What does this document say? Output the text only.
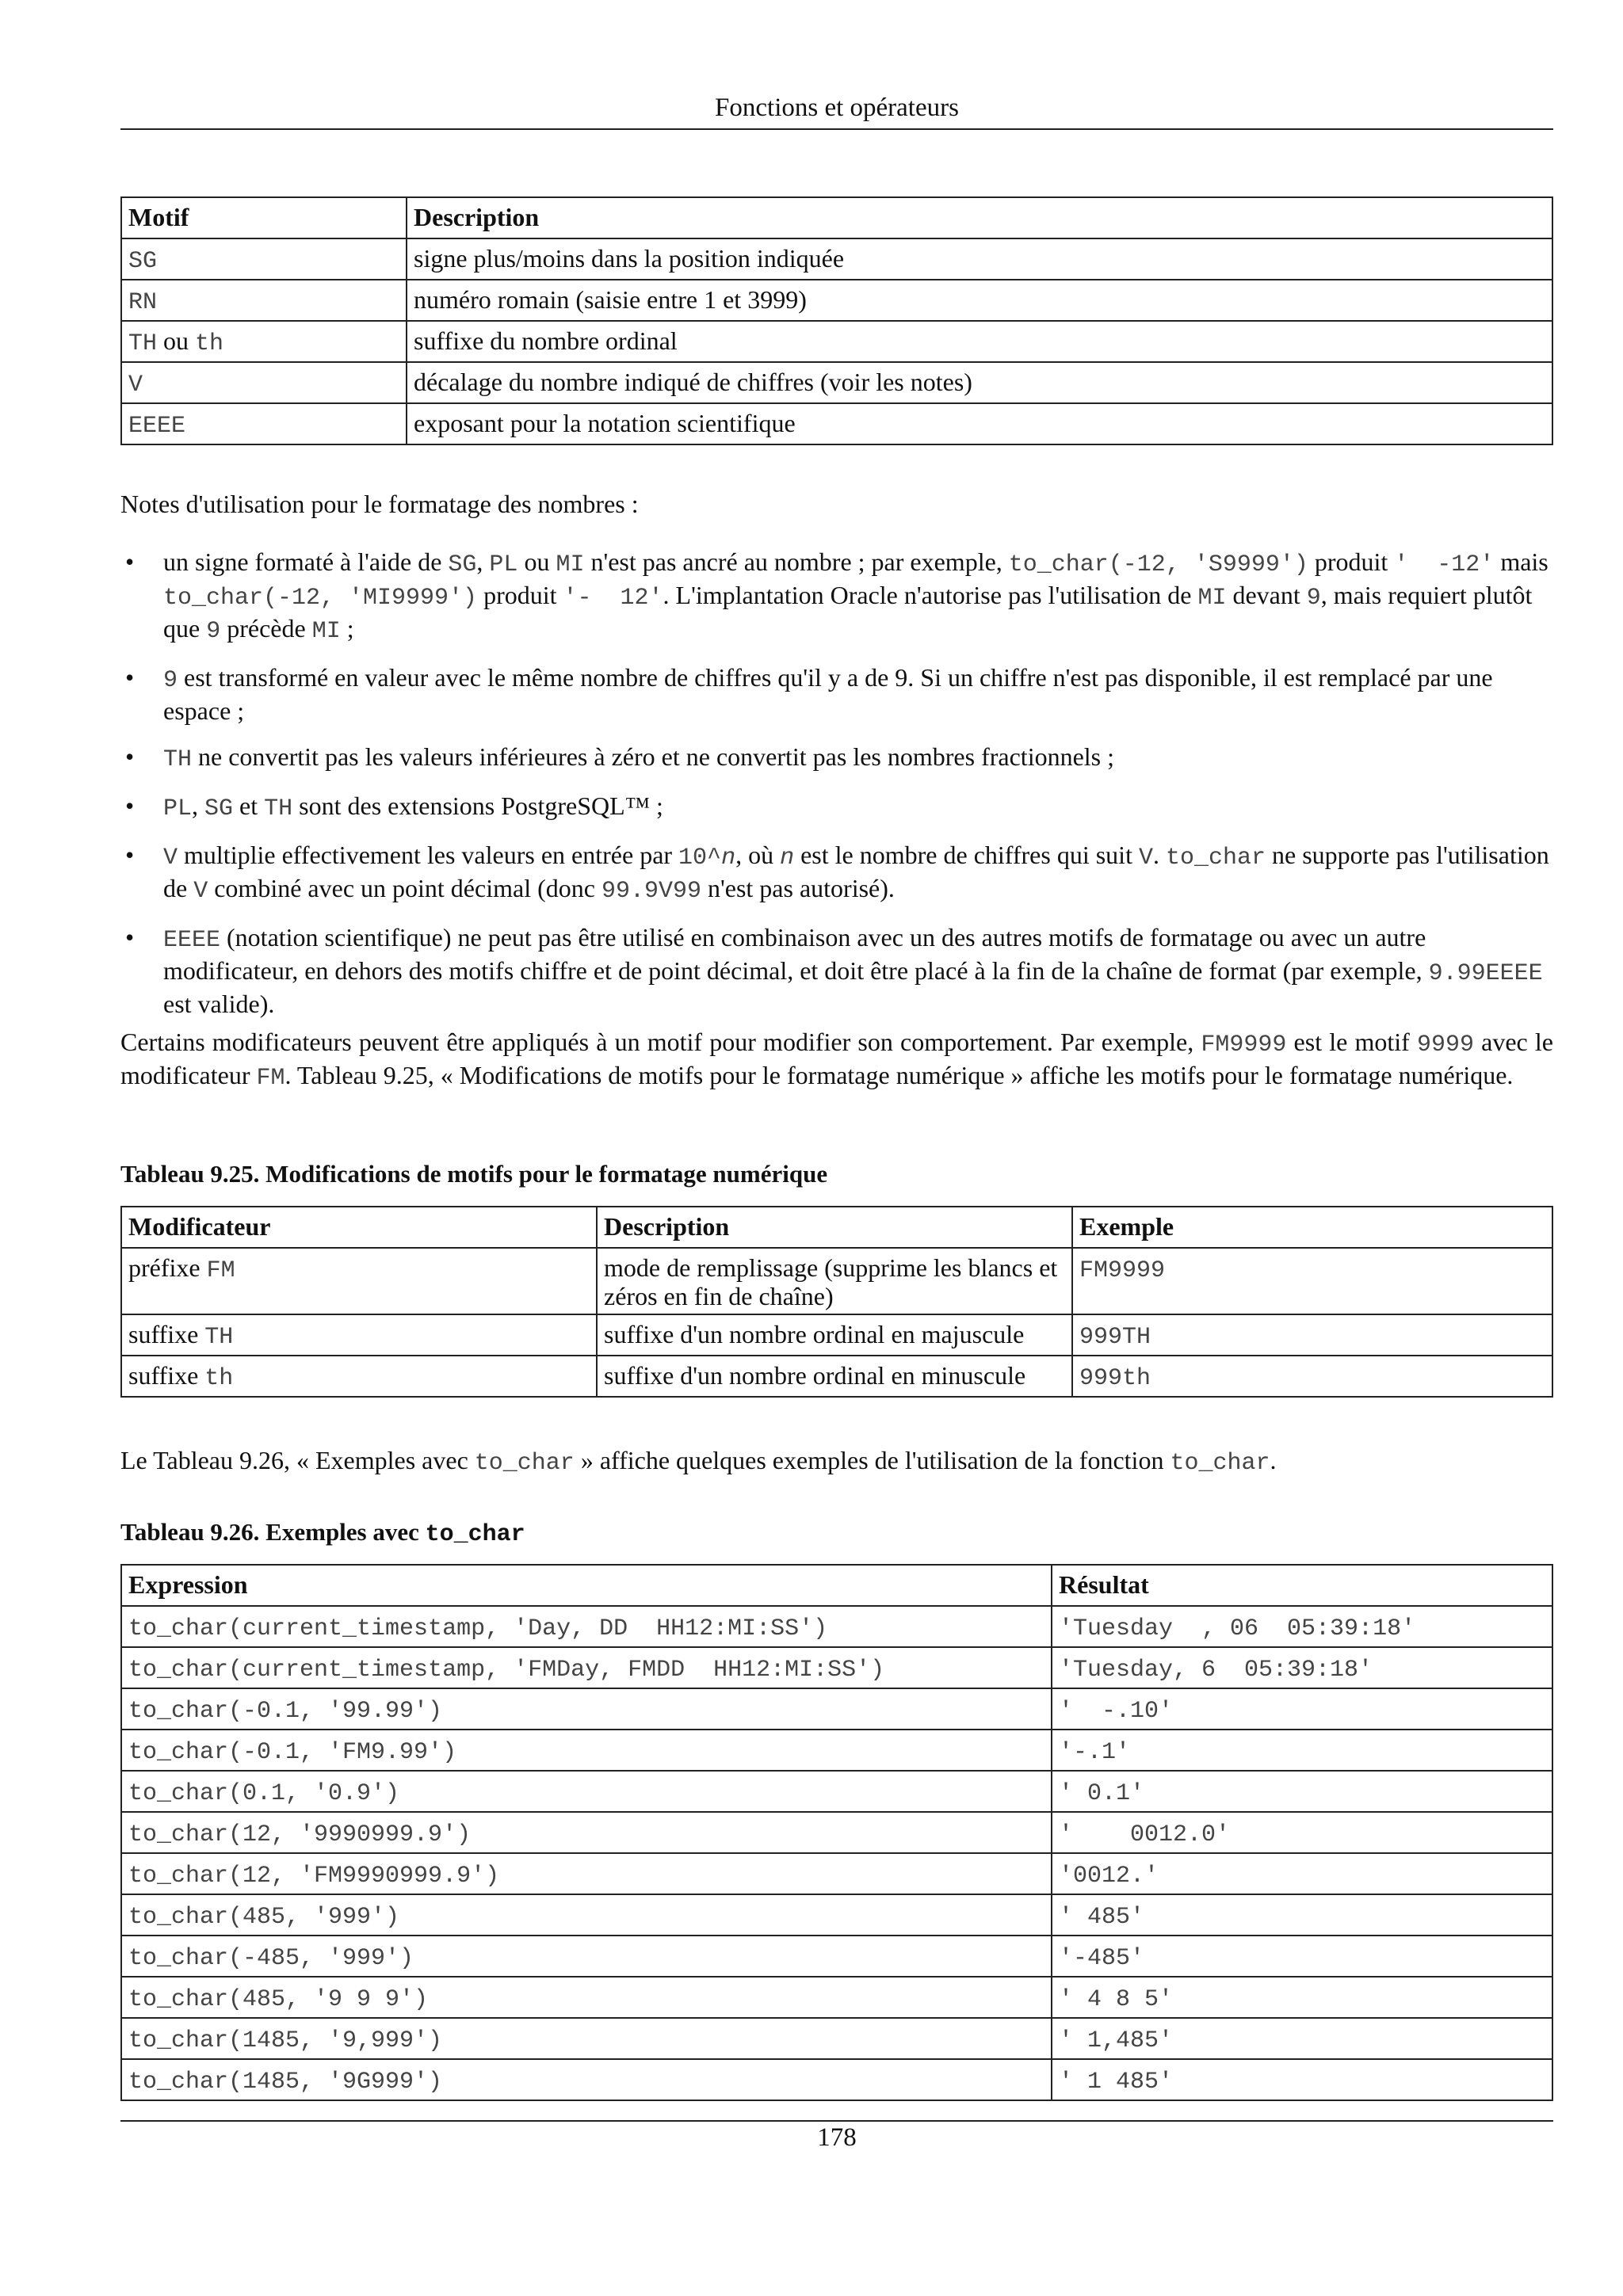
Fonctions et opérateurs
Motif	Description
SG	signe plus/moins dans la position indiquée
RN	numéro romain (saisie entre 1 et 3999)
TH ou th	suffixe du nombre ordinal
V	décalage du nombre indiqué de chiffres (voir les notes)
EEEE	exposant pour la notation scientifique
Notes d'utilisation pour le formatage des nombres :
• un signe formaté à l'aide de SG, PL ou MI n'est pas ancré au nombre ; par exemple, to_char(-12, 'S9999') produit '  -12' mais to_char(-12, 'MI9999') produit '-  12'. L'implantation Oracle n'autorise pas l'utilisation de MI devant 9, mais requiert plutôt que 9 précède MI ;
• 9 est transformé en valeur avec le même nombre de chiffres qu'il y a de 9. Si un chiffre n'est pas disponible, il est remplacé par une espace ;
• TH ne convertit pas les valeurs inférieures à zéro et ne convertit pas les nombres fractionnels ;
• PL, SG et TH sont des extensions PostgreSQL™ ;
• V multiplie effectivement les valeurs en entrée par 10^n, où n est le nombre de chiffres qui suit V. to_char ne supporte pas l'utilisation de V combiné avec un point décimal (donc 99.9V99 n'est pas autorisé).
• EEEE (notation scientifique) ne peut pas être utilisé en combinaison avec un des autres motifs de formatage ou avec un autre modificateur, en dehors des motifs chiffre et de point décimal, et doit être placé à la fin de la chaîne de format (par exemple, 9.99EEEE est valide).
Certains modificateurs peuvent être appliqués à un motif pour modifier son comportement. Par exemple, FM9999 est le motif 9999 avec le modificateur FM. Tableau 9.25, « Modifications de motifs pour le formatage numérique » affiche les motifs pour le formatage numérique.
Tableau 9.25. Modifications de motifs pour le formatage numérique
Modificateur	Description	Exemple
préfixe FM	mode de remplissage (supprime les blancs et zéros en fin de chaîne)	FM9999
suffixe TH	suffixe d'un nombre ordinal en majuscule	999TH
suffixe th	suffixe d'un nombre ordinal en minuscule	999th
Le Tableau 9.26, « Exemples avec to_char » affiche quelques exemples de l'utilisation de la fonction to_char.
Tableau 9.26. Exemples avec to_char
Expression	Résultat
to_char(current_timestamp, 'Day, DD  HH12:MI:SS')	'Tuesday  , 06  05:39:18'
to_char(current_timestamp, 'FMDay, FMDD  HH12:MI:SS')	'Tuesday, 6  05:39:18'
to_char(-0.1, '99.99')	'  -.10'
to_char(-0.1, 'FM9.99')	'-.1'
to_char(0.1, '0.9')	' 0.1'
to_char(12, '9990999.9')	'    0012.0'
to_char(12, 'FM9990999.9')	'0012.'
to_char(485, '999')	' 485'
to_char(-485, '999')	'-485'
to_char(485, '9 9 9')	' 4 8 5'
to_char(1485, '9,999')	' 1,485'
to_char(1485, '9G999')	' 1 485'
178
